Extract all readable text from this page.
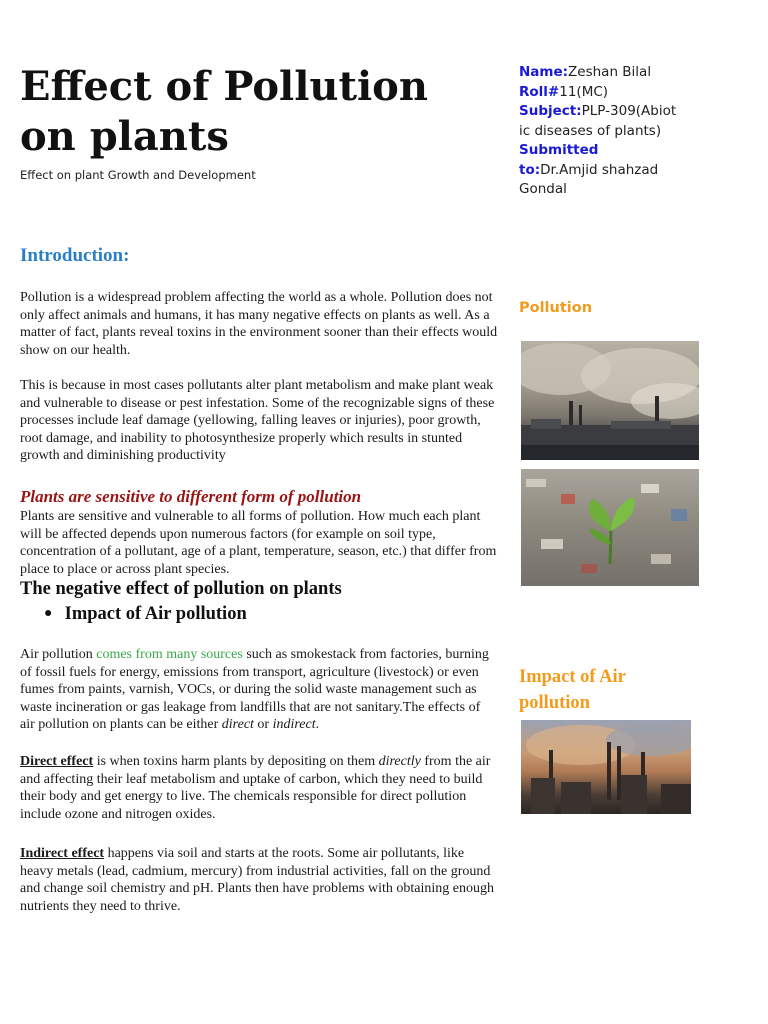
Effect of Pollution on plants
Effect on plant Growth and Development
Name:Zeshan Bilal
Roll#11(MC)
Subject:PLP-309(Abiotic diseases of plants)
Submitted to:Dr.Amjid shahzad Gondal
Introduction:
Pollution is a widespread problem affecting the world as a whole. Pollution does not only affect animals and humans, it has many negative effects on plants as well. As a matter of fact, plants reveal toxins in the environment sooner than their effects would show on our health.
This is because in most cases pollutants alter plant metabolism and make plant weak and vulnerable to disease or pest infestation. Some of the recognizable signs of these processes include leaf damage (yellowing, falling leaves or injuries), poor growth, root damage, and inability to photosynthesize properly which results in stunted growth and diminishing productivity
Plants are sensitive to different form of pollution
Plants are sensitive and vulnerable to all forms of pollution. How much each plant will be affected depends upon numerous factors (for example on soil type, concentration of a pollutant, age of a plant, temperature, season, etc.) that differ from place to place or across plant species.
The negative effect of pollution on plants
● Impact of Air pollution
Air pollution comes from many sources such as smokestack from factories, burning of fossil fuels for energy, emissions from transport, agriculture (livestock) or even fumes from paints, varnish, VOCs, or during the solid waste management such as waste incineration or gas leakage from landfills that are not sanitary.The effects of air pollution on plants can be either direct or indirect.
Direct effect is when toxins harm plants by depositing on them directly from the air and affecting their leaf metabolism and uptake of carbon, which they need to build their body and get energy to live. The chemicals responsible for direct pollution include ozone and nitrogen oxides.
Indirect effect happens via soil and starts at the roots. Some air pollutants, like heavy metals (lead, cadmium, mercury) from industrial activities, fall on the ground and change soil chemistry and pH. Plants then have problems with obtaining enough nutrients they need to thrive.
Pollution
Impact of Air pollution
